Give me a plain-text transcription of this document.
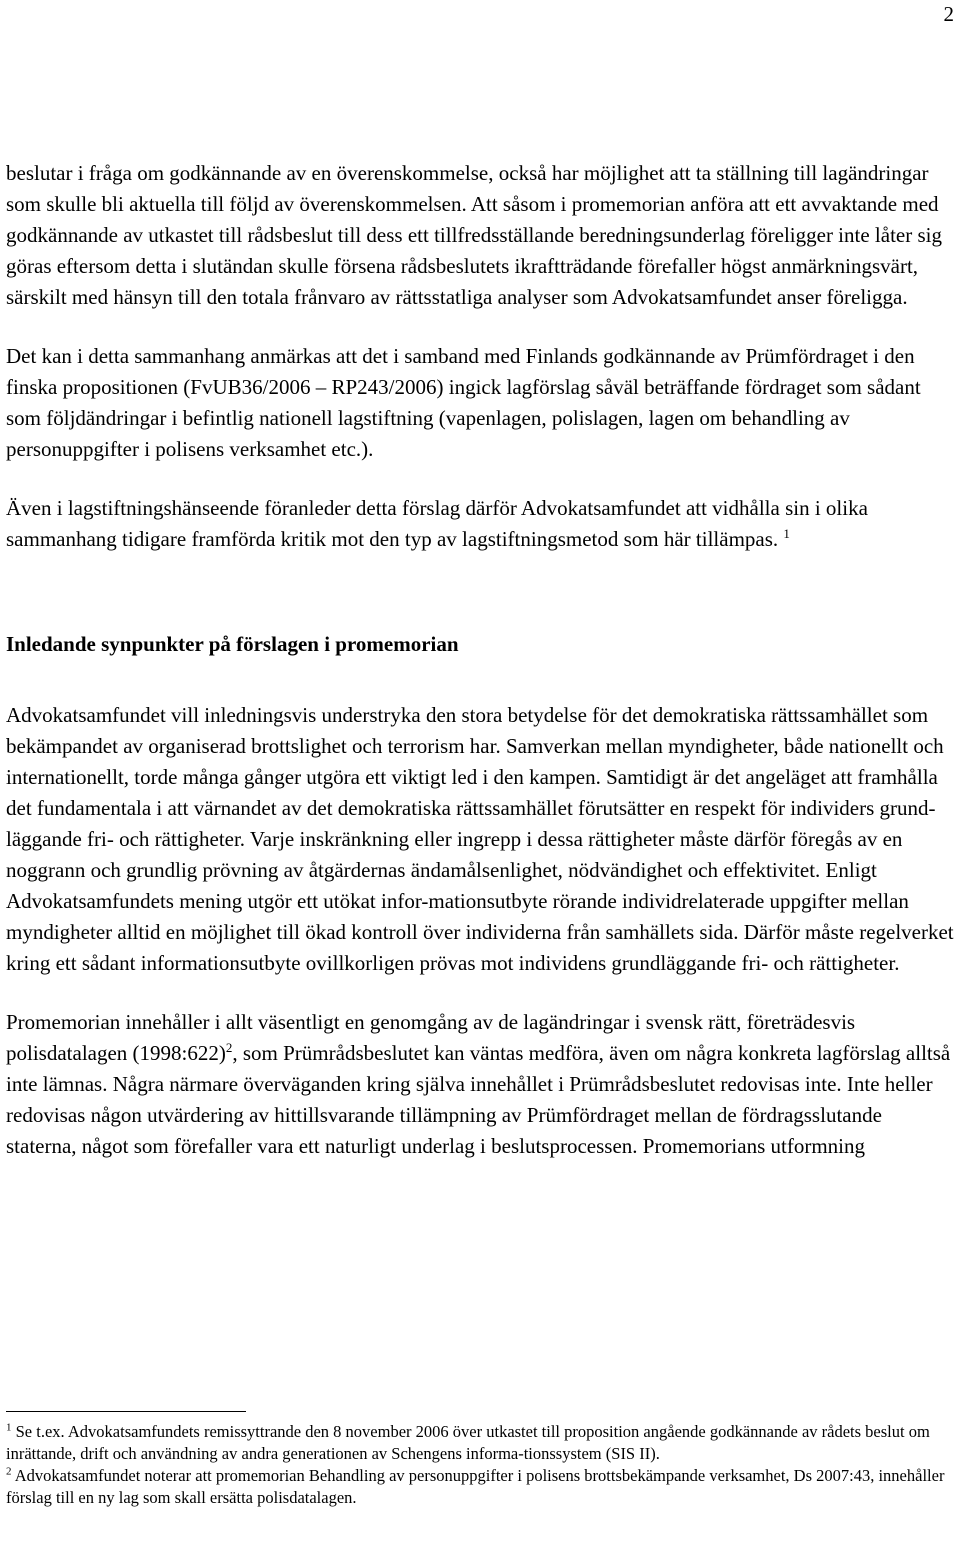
2

beslutar i fråga om godkännande av en överenskommelse, också har möjlighet att ta ställning till lagändringar som skulle bli aktuella till följd av överenskommelsen. Att såsom i promemorian anföra att ett avvaktande med godkännande av utkastet till rådsbeslut till dess ett tillfredsställande beredningsunderlag föreligger inte låter sig göras eftersom detta i slutändan skulle försena rådsbeslutets ikraftträdande förefaller högst anmärkningsvärt, särskilt med hänsyn till den totala frånvaro av rättsstatliga analyser som Advokatsamfundet anser föreligga.

Det kan i detta sammanhang anmärkas att det i samband med Finlands godkännande av Prümfördraget i den finska propositionen (FvUB36/2006 – RP243/2006) ingick lagförslag såväl beträffande fördraget som sådant som följdändringar i befintlig nationell lagstiftning (vapenlagen, polislagen, lagen om behandling av personuppgifter i polisens verksamhet etc.).

Även i lagstiftningshänseende föranleder detta förslag därför Advokatsamfundet att vidhålla sin i olika sammanhang tidigare framförda kritik mot den typ av lagstiftningsmetod som här tillämpas. $^1$

Inledande synpunkter på förslagen i promemorian

Advokatsamfundet vill inledningsvis understryka den stora betydelse för det demokratiska rättssamhället som bekämpandet av organiserad brottslighet och terrorism har. Samverkan mellan myndigheter, både nationellt och internationellt, torde många gånger utgöra ett viktigt led i den kampen. Samtidigt är det angeläget att framhålla det fundamentala i att värnandet av det demokratiska rättssamhället förutsätter en respekt för individers grund-läggande fri- och rättigheter. Varje inskränkning eller ingrepp i dessa rättigheter måste därför föregås av en noggrann och grundlig prövning av åtgärdernas ändamålsenlighet, nödvändighet och effektivitet. Enligt Advokatsamfundets mening utgör ett utökat infor-mationsutbyte rörande individrelaterade uppgifter mellan myndigheter alltid en möjlighet till ökad kontroll över individerna från samhällets sida. Därför måste regelverket kring ett sådant informationsutbyte ovillkorligen prövas mot individens grundläggande fri- och rättigheter.

Promemorian innehåller i allt väsentligt en genomgång av de lagändringar i svensk rätt, företrädesvis polisdatalagen (1998:622)$^2$, som Prümrådsbeslutet kan väntas medföra, även om några konkreta lagförslag alltså inte lämnas. Några närmare överväganden kring själva innehållet i Prümrådsbeslutet redovisas inte. Inte heller redovisas någon utvärdering av hittillsvarande tillämpning av Prümfördraget mellan de fördragsslutande staterna, något som förefaller vara ett naturligt underlag i beslutsprocessen. Promemorians utformning

$^1$ Se t.ex. Advokatsamfundets remissyttrande den 8 november 2006 över utkastet till proposition angående godkännande av rådets beslut om inrättande, drift och användning av andra generationen av Schengens informa-tionssystem (SIS II).

$^2$ Advokatsamfundet noterar att promemorian Behandling av personuppgifter i polisens brottsbekämpande verksamhet, Ds 2007:43, innehåller förslag till en ny lag som skall ersätta polisdatalagen.
